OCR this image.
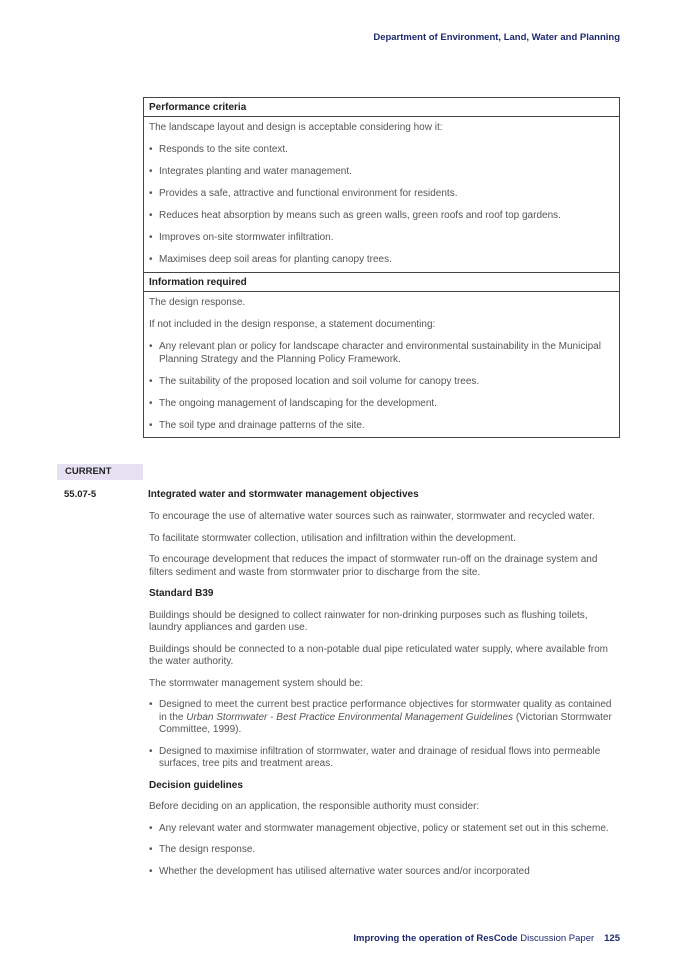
Department of Environment, Land, Water and Planning
Performance criteria

The landscape layout and design is acceptable considering how it:

• Responds to the site context.
• Integrates planting and water management.
• Provides a safe, attractive and functional environment for residents.
• Reduces heat absorption by means such as green walls, green roofs and roof top gardens.
• Improves on-site stormwater infiltration.
• Maximises deep soil areas for planting canopy trees.
Information required

The design response.

If not included in the design response, a statement documenting:

• Any relevant plan or policy for landscape character and environmental sustainability in the Municipal Planning Strategy and the Planning Policy Framework.
• The suitability of the proposed location and soil volume for canopy trees.
• The ongoing management of landscaping for the development.
• The soil type and drainage patterns of the site.
CURRENT
55.07-5	Integrated water and stormwater management objectives

To encourage the use of alternative water sources such as rainwater, stormwater and recycled water.

To facilitate stormwater collection, utilisation and infiltration within the development.

To encourage development that reduces the impact of stormwater run-off on the drainage system and filters sediment and waste from stormwater prior to discharge from the site.

Standard B39

Buildings should be designed to collect rainwater for non-drinking purposes such as flushing toilets, laundry appliances and garden use.

Buildings should be connected to a non-potable dual pipe reticulated water supply, where available from the water authority.

The stormwater management system should be:

• Designed to meet the current best practice performance objectives for stormwater quality as contained in the Urban Stormwater - Best Practice Environmental Management Guidelines (Victorian Stormwater Committee, 1999).
• Designed to maximise infiltration of stormwater, water and drainage of residual flows into permeable surfaces, tree pits and treatment areas.

Decision guidelines

Before deciding on an application, the responsible authority must consider:

• Any relevant water and stormwater management objective, policy or statement set out in this scheme.
• The design response.
• Whether the development has utilised alternative water sources and/or incorporated
Improving the operation of ResCode Discussion Paper 125
